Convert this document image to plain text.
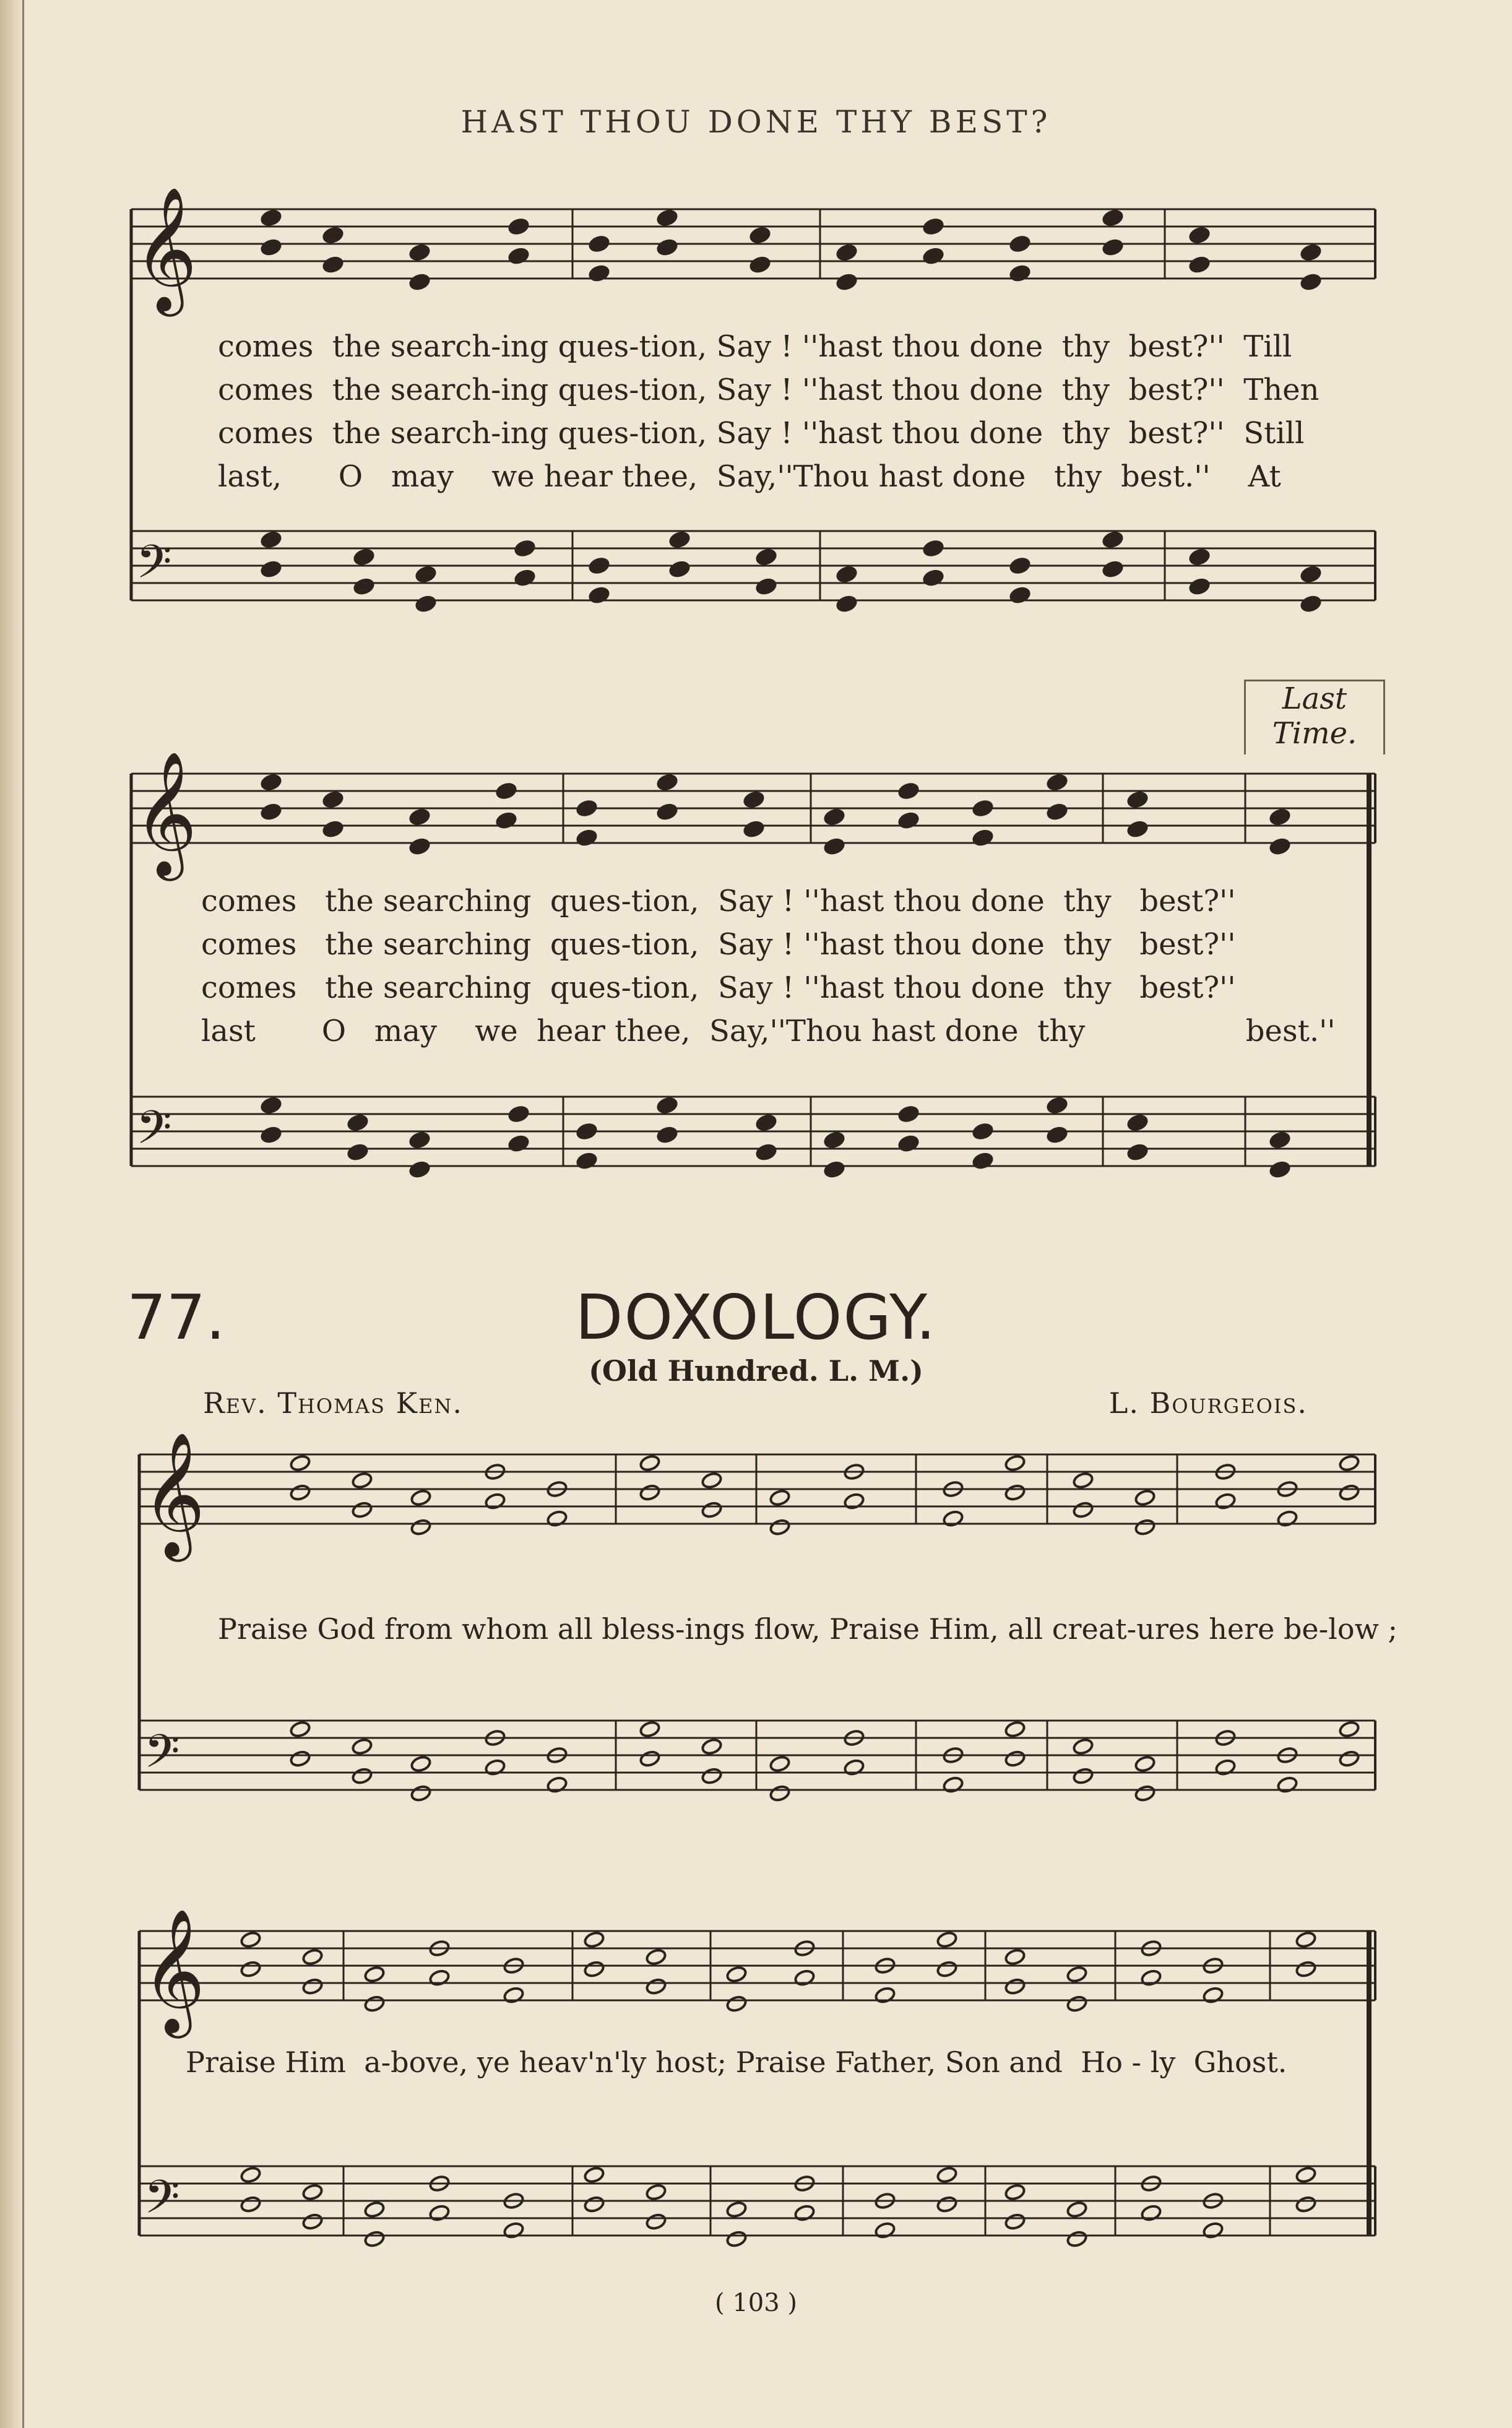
HAST THOU DONE THY BEST?
comes  the search-ing ques-tion, Say ! ''hast thou done  thy  best?''  Till
comes  the search-ing ques-tion, Say ! ''hast thou done  thy  best?''  Then
comes  the search-ing ques-tion, Say ! ''hast thou done  thy  best?''  Still
last,      O   may    we hear thee,  Say,''Thou hast done   thy  best.''    At
Last
Time.
comes   the searching  ques-tion,  Say ! ''hast thou done  thy   best?''
comes   the searching  ques-tion,  Say ! ''hast thou done  thy   best?''
comes   the searching  ques-tion,  Say ! ''hast thou done  thy   best?''
last       O   may    we  hear thee,  Say,''Thou hast done  thy                 best.''
77.	DOXOLOGY.
(Old Hundred. L. M.)
Rev. Thomas Ken.	L. Bourgeois.
Praise God from whom all bless-ings flow, Praise Him, all creat-ures here be-low ;
Praise Him  a-bove, ye heav'n'ly host; Praise Father, Son and  Ho - ly  Ghost.
( 103 )
𝄞
𝄢
𝄞
𝄢
𝄞
𝄢
𝄞
𝄢
